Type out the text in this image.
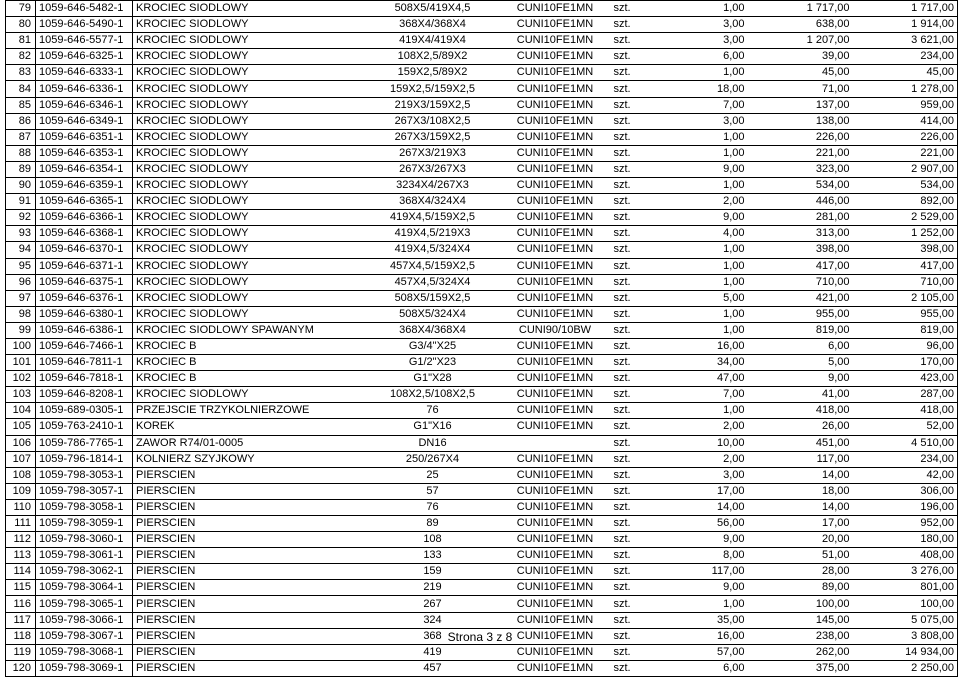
79	1059-646-5482-1	KROCIEC SIODLOWY	508X5/419X4,5	CUNI10FE1MN	szt.	1,00	1 717,00	1 717,00
80	1059-646-5490-1	KROCIEC SIODLOWY	368X4/368X4	CUNI10FE1MN	szt.	3,00	638,00	1 914,00
81	1059-646-5577-1	KROCIEC SIODLOWY	419X4/419X4	CUNI10FE1MN	szt.	3,00	1 207,00	3 621,00
82	1059-646-6325-1	KROCIEC SIODLOWY	108X2,5/89X2	CUNI10FE1MN	szt.	6,00	39,00	234,00
83	1059-646-6333-1	KROCIEC SIODLOWY	159X2,5/89X2	CUNI10FE1MN	szt.	1,00	45,00	45,00
84	1059-646-6336-1	KROCIEC SIODLOWY	159X2,5/159X2,5	CUNI10FE1MN	szt.	18,00	71,00	1 278,00
85	1059-646-6346-1	KROCIEC SIODLOWY	219X3/159X2,5	CUNI10FE1MN	szt.	7,00	137,00	959,00
86	1059-646-6349-1	KROCIEC SIODLOWY	267X3/108X2,5	CUNI10FE1MN	szt.	3,00	138,00	414,00
87	1059-646-6351-1	KROCIEC SIODLOWY	267X3/159X2,5	CUNI10FE1MN	szt.	1,00	226,00	226,00
88	1059-646-6353-1	KROCIEC SIODLOWY	267X3/219X3	CUNI10FE1MN	szt.	1,00	221,00	221,00
89	1059-646-6354-1	KROCIEC SIODLOWY	267X3/267X3	CUNI10FE1MN	szt.	9,00	323,00	2 907,00
90	1059-646-6359-1	KROCIEC SIODLOWY	3234X4/267X3	CUNI10FE1MN	szt.	1,00	534,00	534,00
91	1059-646-6365-1	KROCIEC SIODLOWY	368X4/324X4	CUNI10FE1MN	szt.	2,00	446,00	892,00
92	1059-646-6366-1	KROCIEC SIODLOWY	419X4,5/159X2,5	CUNI10FE1MN	szt.	9,00	281,00	2 529,00
93	1059-646-6368-1	KROCIEC SIODLOWY	419X4,5/219X3	CUNI10FE1MN	szt.	4,00	313,00	1 252,00
94	1059-646-6370-1	KROCIEC SIODLOWY	419X4,5/324X4	CUNI10FE1MN	szt.	1,00	398,00	398,00
95	1059-646-6371-1	KROCIEC SIODLOWY	457X4,5/159X2,5	CUNI10FE1MN	szt.	1,00	417,00	417,00
96	1059-646-6375-1	KROCIEC SIODLOWY	457X4,5/324X4	CUNI10FE1MN	szt.	1,00	710,00	710,00
97	1059-646-6376-1	KROCIEC SIODLOWY	508X5/159X2,5	CUNI10FE1MN	szt.	5,00	421,00	2 105,00
98	1059-646-6380-1	KROCIEC SIODLOWY	508X5/324X4	CUNI10FE1MN	szt.	1,00	955,00	955,00
99	1059-646-6386-1	KROCIEC SIODLOWY SPAWANYM	368X4/368X4	CUNI90/10BW	szt.	1,00	819,00	819,00
100	1059-646-7466-1	KROCIEC B	G3/4"X25	CUNI10FE1MN	szt.	16,00	6,00	96,00
101	1059-646-7811-1	KROCIEC B	G1/2"X23	CUNI10FE1MN	szt.	34,00	5,00	170,00
102	1059-646-7818-1	KROCIEC B	G1"X28	CUNI10FE1MN	szt.	47,00	9,00	423,00
103	1059-646-8208-1	KROCIEC SIODLOWY	108X2,5/108X2,5	CUNI10FE1MN	szt.	7,00	41,00	287,00
104	1059-689-0305-1	PRZEJSCIE TRZYKOLNIERZOWE	76	CUNI10FE1MN	szt.	1,00	418,00	418,00
105	1059-763-2410-1	KOREK	G1"X16	CUNI10FE1MN	szt.	2,00	26,00	52,00
106	1059-786-7765-1	ZAWOR R74/01-0005	DN16		szt.	10,00	451,00	4 510,00
107	1059-796-1814-1	KOLNIERZ SZYJKOWY	250/267X4	CUNI10FE1MN	szt.	2,00	117,00	234,00
108	1059-798-3053-1	PIERSCIEN	25	CUNI10FE1MN	szt.	3,00	14,00	42,00
109	1059-798-3057-1	PIERSCIEN	57	CUNI10FE1MN	szt.	17,00	18,00	306,00
110	1059-798-3058-1	PIERSCIEN	76	CUNI10FE1MN	szt.	14,00	14,00	196,00
111	1059-798-3059-1	PIERSCIEN	89	CUNI10FE1MN	szt.	56,00	17,00	952,00
112	1059-798-3060-1	PIERSCIEN	108	CUNI10FE1MN	szt.	9,00	20,00	180,00
113	1059-798-3061-1	PIERSCIEN	133	CUNI10FE1MN	szt.	8,00	51,00	408,00
114	1059-798-3062-1	PIERSCIEN	159	CUNI10FE1MN	szt.	117,00	28,00	3 276,00
115	1059-798-3064-1	PIERSCIEN	219	CUNI10FE1MN	szt.	9,00	89,00	801,00
116	1059-798-3065-1	PIERSCIEN	267	CUNI10FE1MN	szt.	1,00	100,00	100,00
117	1059-798-3066-1	PIERSCIEN	324	CUNI10FE1MN	szt.	35,00	145,00	5 075,00
118	1059-798-3067-1	PIERSCIEN	368	CUNI10FE1MN	szt.	16,00	238,00	3 808,00
119	1059-798-3068-1	PIERSCIEN	419	CUNI10FE1MN	szt.	57,00	262,00	14 934,00
120	1059-798-3069-1	PIERSCIEN	457	CUNI10FE1MN	szt.	6,00	375,00	2 250,00
Strona 3 z 8
